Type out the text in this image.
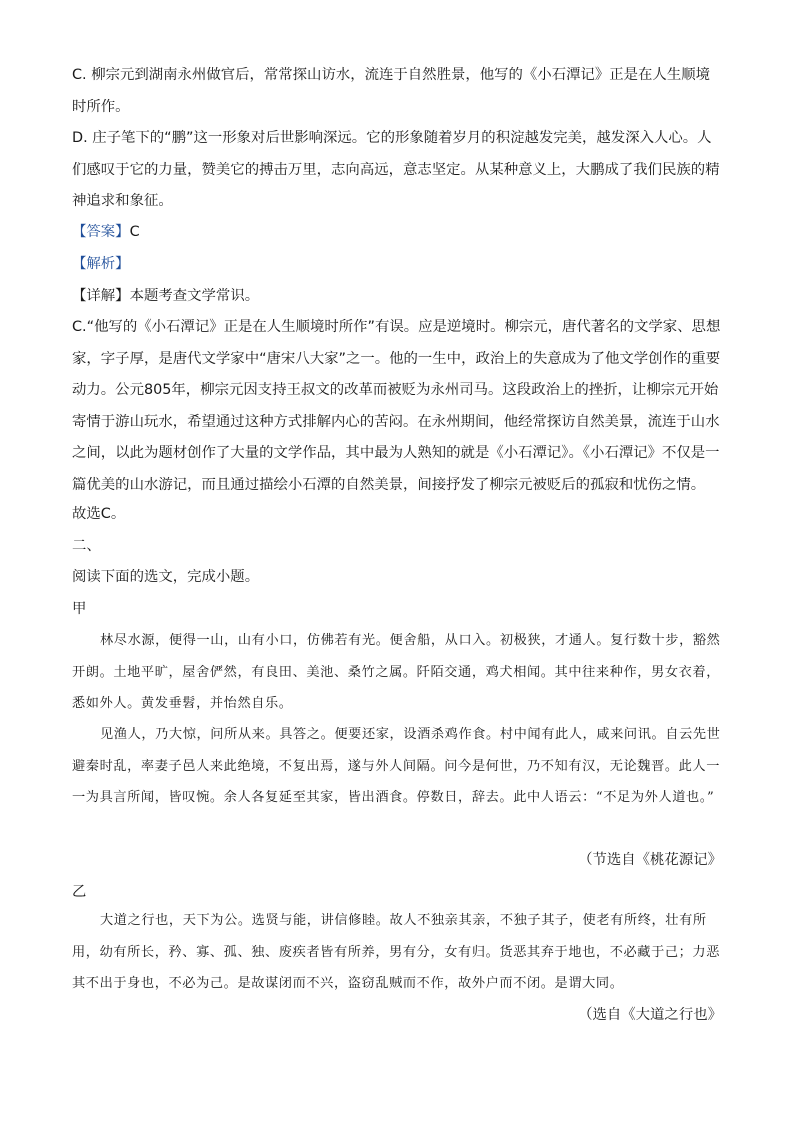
C. 柳宗元到湖南永州做官后，常常探山访水，流连于自然胜景，他写的《小石潭记》正是在人生顺境时所作。
D. 庄子笔下的“鹏”这一形象对后世影响深远。它的形象随着岁月的积淀越发完美，越发深入人心。人们感叹于它的力量，赞美它的搏击万里，志向高远，意志坚定。从某种意义上，大鹏成了我们民族的精神追求和象征。
【答案】C
【解析】
【详解】本题考查文学常识。
C.“他写的《小石潭记》正是在人生顺境时所作”有误。应是逆境时。柳宗元，唐代著名的文学家、思想家，字子厚，是唐代文学家中“唐宋八大家”之一。他的一生中，政治上的失意成为了他文学创作的重要动力。公元805年，柳宗元因支持王叔文的改革而被贬为永州司马。这段政治上的挫折，让柳宗元开始寄情于游山玩水，希望通过这种方式排解内心的苦闷。在永州期间，他经常探访自然美景，流连于山水之间，以此为题材创作了大量的文学作品，其中最为人熟知的就是《小石潭记》。《小石潭记》不仅是一篇优美的山水游记，而且通过描绘小石潭的自然美景，间接抒发了柳宗元被贬后的孤寂和忧伤之情。
故选C。
二、
阅读下面的选文，完成小题。
甲
林尽水源，便得一山，山有小口，仿佛若有光。便舍船，从口入。初极狭，才通人。复行数十步，豁然开朗。土地平旷，屋舍俨然，有良田、美池、桑竹之属。阡陌交通，鸡犬相闻。其中往来种作，男女衣着，悉如外人。黄发垂髫，并怡然自乐。
见渔人，乃大惊，问所从来。具答之。便要还家，设酒杀鸡作食。村中闻有此人，咸来问讯。自云先世避秦时乱，率妻子邑人来此绝境，不复出焉，遂与外人间隔。问今是何世，乃不知有汉，无论魏晋。此人一一为具言所闻，皆叹惋。余人各复延至其家，皆出酒食。停数日，辞去。此中人语云：“不足为外人道也。”
（节选自《桃花源记》
乙
大道之行也，天下为公。选贤与能，讲信修睦。故人不独亲其亲，不独子其子，使老有所终，壮有所用，幼有所长，矜、寡、孤、独、废疾者皆有所养，男有分，女有归。货恶其弃于地也，不必藏于己；力恶其不出于身也，不必为己。是故谋闭而不兴，盗窃乱贼而不作，故外户而不闭。是谓大同。
（选自《大道之行也》
